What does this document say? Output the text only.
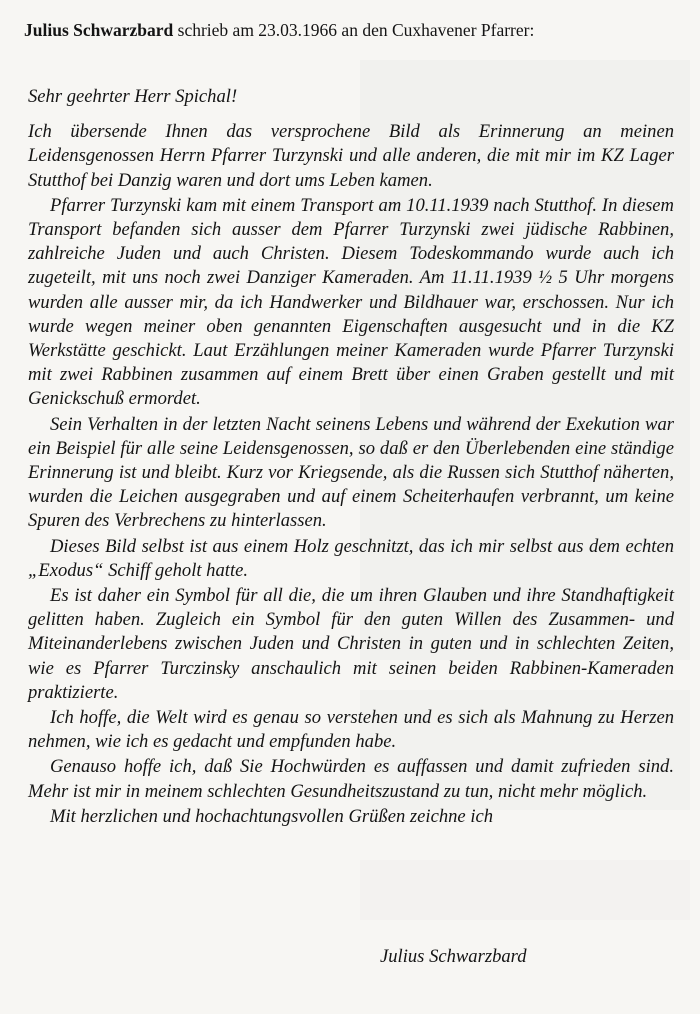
Julius Schwarzbard schrieb am 23.03.1966 an den Cuxhavener Pfarrer:

Sehr geehrter Herr Spichal!

Ich übersende Ihnen das versprochene Bild als Erinnerung an meinen Leidensgenossen Herrn Pfarrer Turzynski und alle anderen, die mit mir im KZ Lager Stutthof bei Danzig waren und dort ums Leben kamen.

Pfarrer Turzynski kam mit einem Transport am 10.11.1939 nach Stutthof. In diesem Transport befanden sich ausser dem Pfarrer Turzynski zwei jüdische Rabbinen, zahlreiche Juden und auch Christen. Diesem Todeskommando wurde auch ich zugeteilt, mit uns noch zwei Danziger Kameraden. Am 11.11.1939 ½ 5 Uhr morgens wurden alle ausser mir, da ich Handwerker und Bildhauer war, erschossen. Nur ich wurde wegen meiner oben genannten Eigenschaften ausgesucht und in die KZ Werkstätte geschickt. Laut Erzählungen meiner Kameraden wurde Pfarrer Turzynski mit zwei Rabbinen zusammen auf einem Brett über einen Graben gestellt und mit Genickschuß ermordet.

Sein Verhalten in der letzten Nacht seinens Lebens und während der Exekution war ein Beispiel für alle seine Leidensgenossen, so daß er den Überlebenden eine ständige Erinnerung ist und bleibt. Kurz vor Kriegsende, als die Russen sich Stutthof näherten, wurden die Leichen ausgegraben und auf einem Scheiterhaufen verbrannt, um keine Spuren des Verbrechens zu hinterlassen.

Dieses Bild selbst ist aus einem Holz geschnitzt, das ich mir selbst aus dem echten „Exodus“ Schiff geholt hatte.

Es ist daher ein Symbol für all die, die um ihren Glauben und ihre Standhaftigkeit gelitten haben. Zugleich ein Symbol für den guten Willen des Zusammen- und Miteinanderlebens zwischen Juden und Christen in guten und in schlechten Zeiten, wie es Pfarrer Turczinsky anschaulich mit seinen beiden Rabbinen-Kameraden praktizierte.

Ich hoffe, die Welt wird es genau so verstehen und es sich als Mahnung zu Herzen nehmen, wie ich es gedacht und empfunden habe.

Genauso hoffe ich, daß Sie Hochwürden es auffassen und damit zufrieden sind. Mehr ist mir in meinem schlechten Gesundheitszustand zu tun, nicht mehr möglich.

Mit herzlichen und hochachtungsvollen Grüßen zeichne ich

Julius Schwarzbard
